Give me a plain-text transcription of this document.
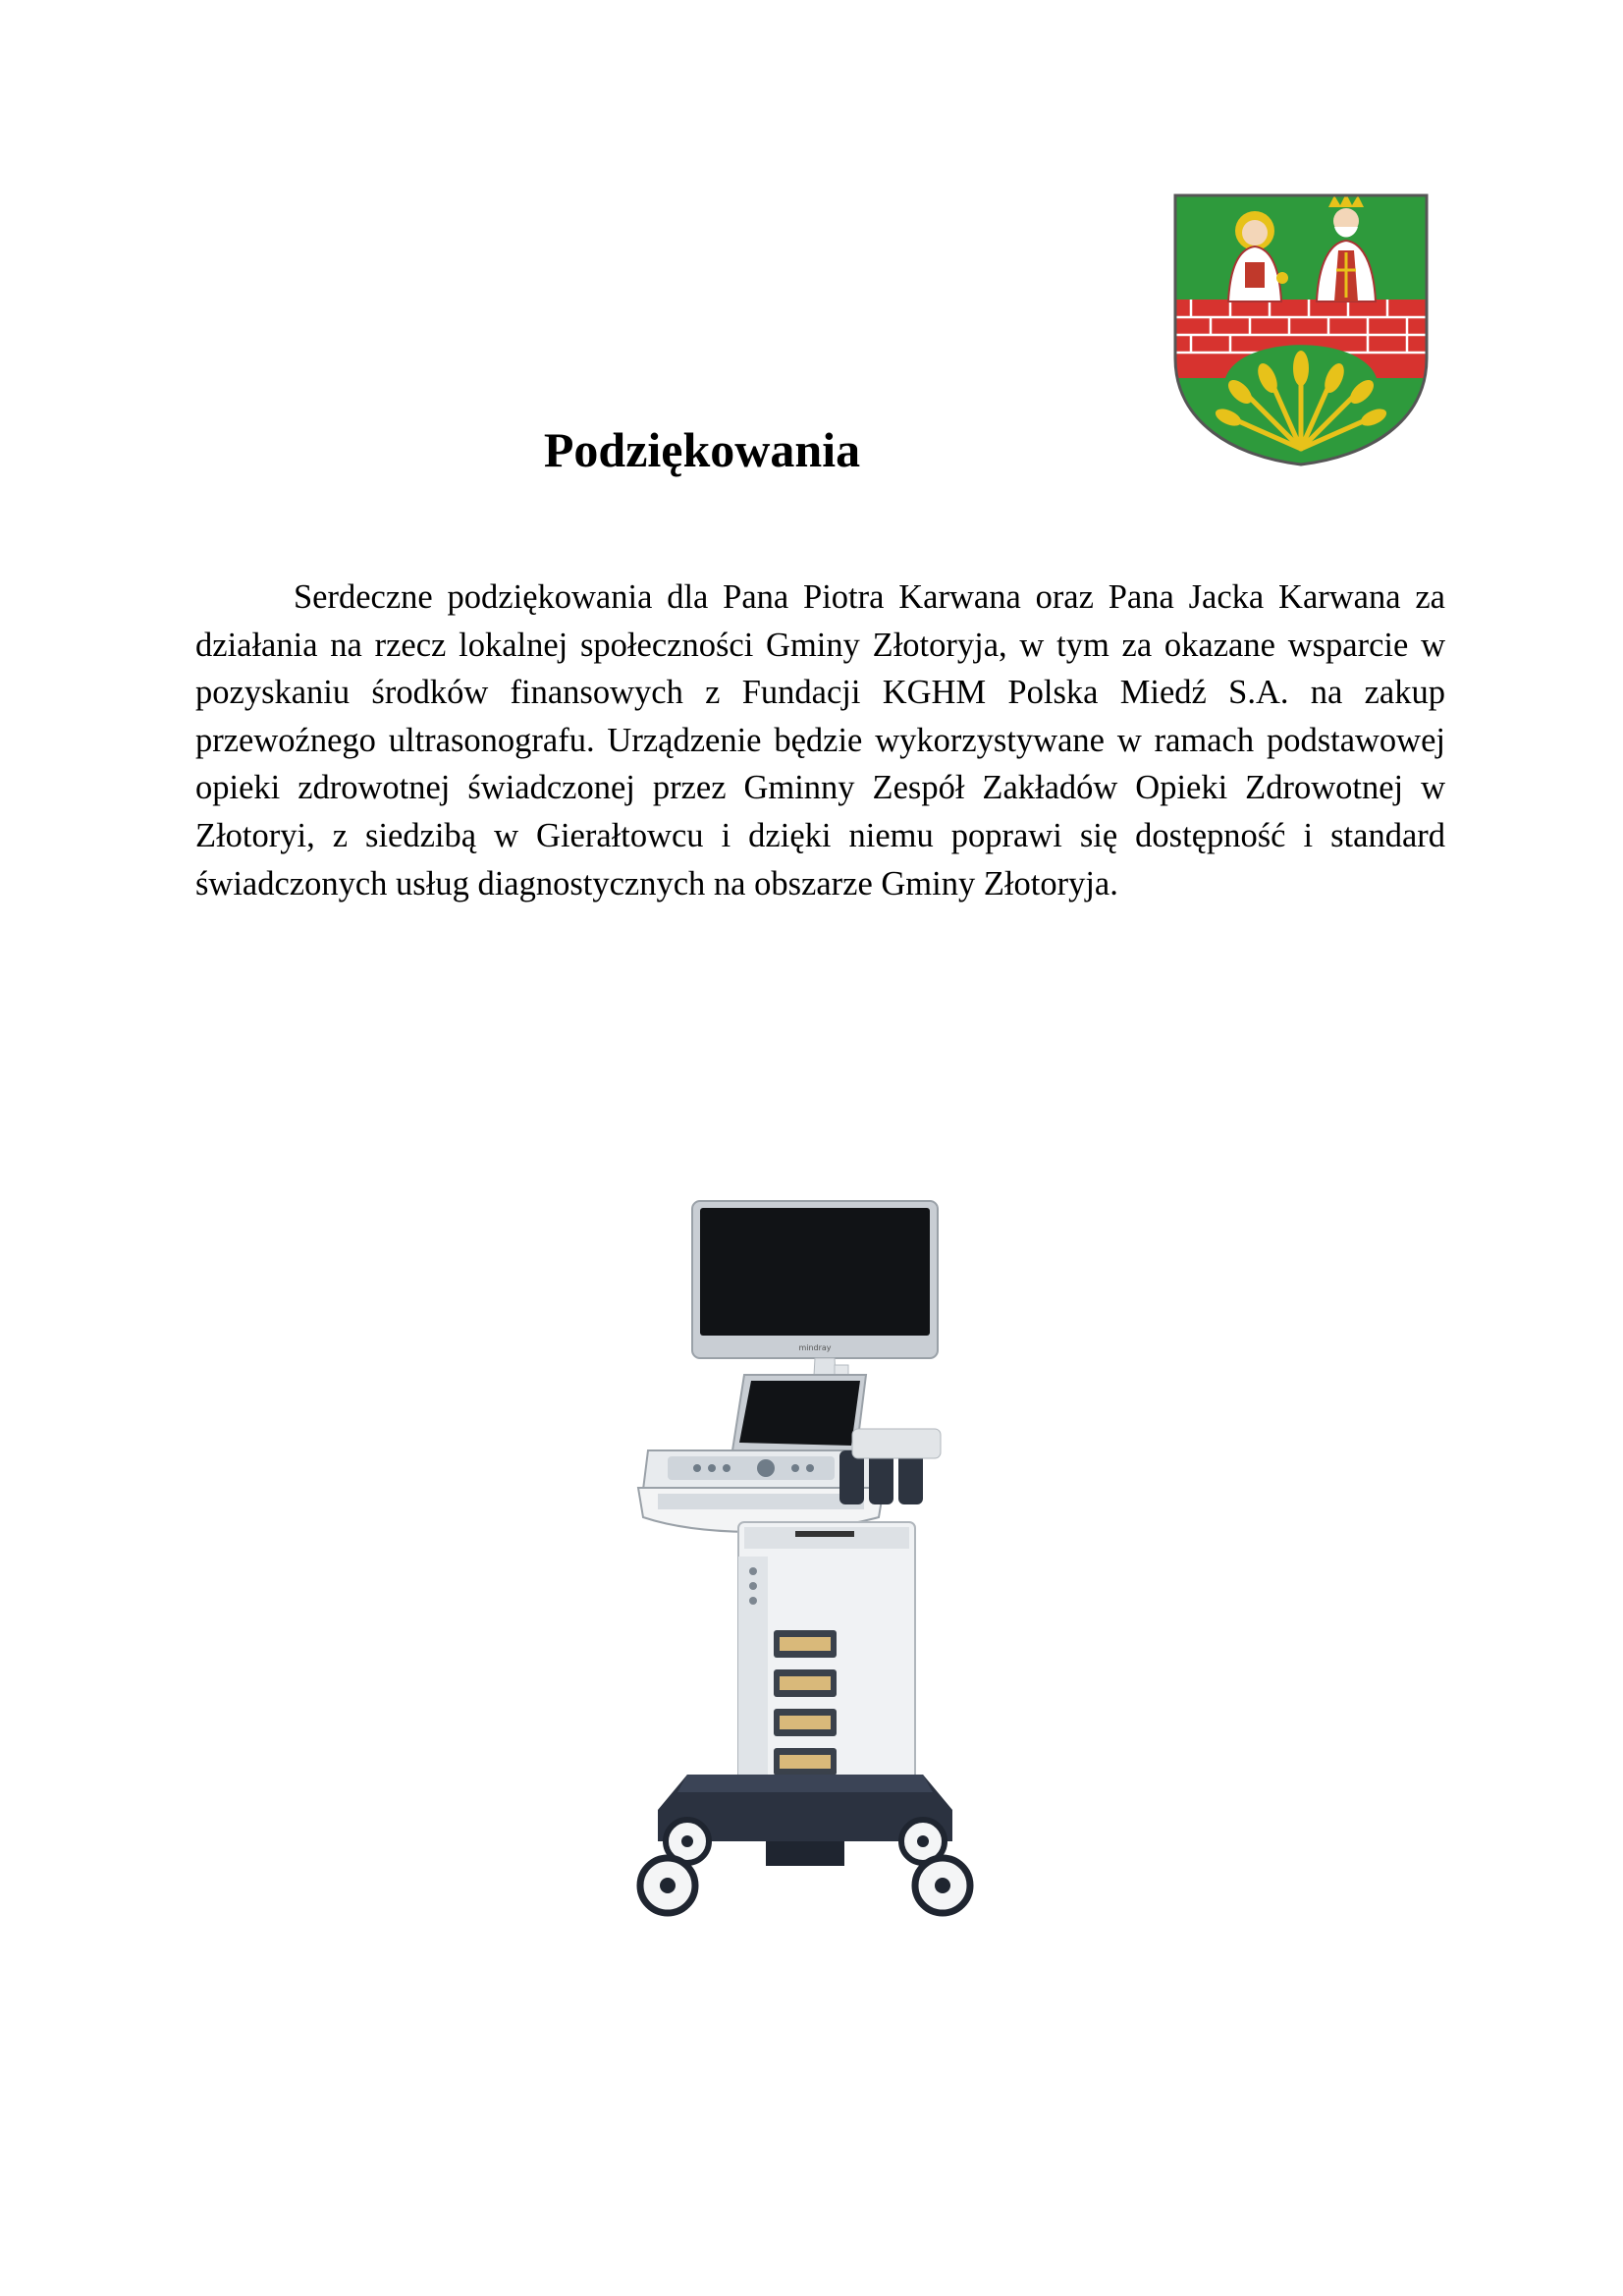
Podziękowania

Serdeczne podziękowania dla Pana Piotra Karwana oraz Pana Jacka Karwana za działania na rzecz lokalnej społeczności Gminy Złotoryja, w tym za okazane wsparcie w pozyskaniu środków finansowych z Fundacji KGHM Polska Miedź S.A. na zakup przewoźnego ultrasonografu. Urządzenie będzie wykorzystywane w ramach podstawowej opieki zdrowotnej świadczonej przez Gminny Zespół Zakładów Opieki Zdrowotnej w Złotoryi, z siedzibą w Gierałtowcu i dzięki niemu poprawi się dostępność i standard świadczonych usług diagnostycznych na obszarze Gminy Złotoryja.

mindray
